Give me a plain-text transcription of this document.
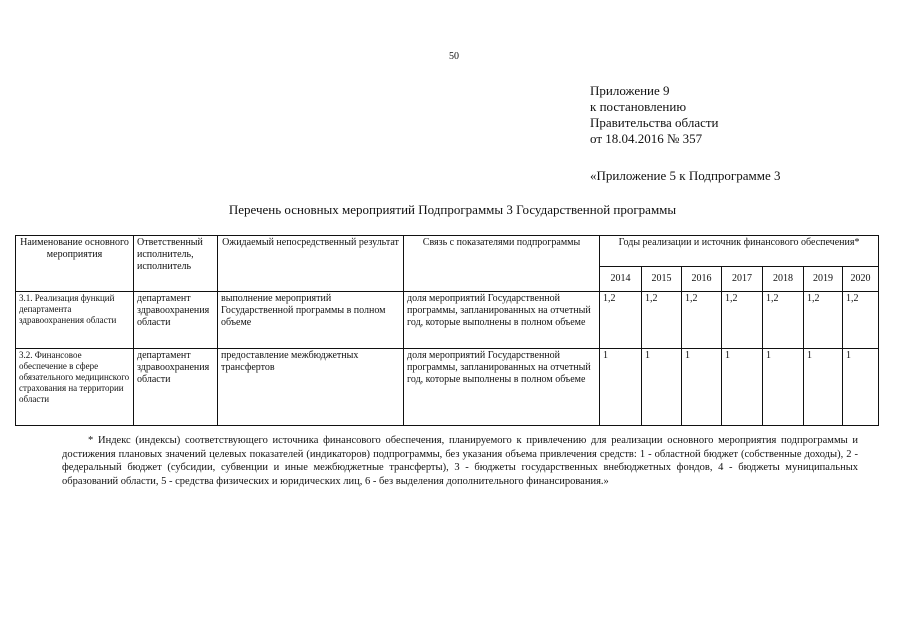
50
Приложение 9
к постановлению
Правительства области
от 18.04.2016 № 357
«Приложение 5 к Подпрограмме 3
Перечень основных мероприятий Подпрограммы 3 Государственной программы
Наименование основного мероприятия	Ответственный исполнитель, исполнитель	Ожидаемый непосредственный результат	Связь с показателями подпрограммы	Годы реализации и источник финансового обеспечения*						
				2014	2015	2016	2017	2018	2019	2020
3.1. Реализация функций департамента здравоохранения области	департамент здравоохранения области	выполнение мероприятий Государственной программы в полном объеме	доля мероприятий Государственной программы, запланированных на отчетный год, которые выполнены в полном объеме	1,2	1,2	1,2	1,2	1,2	1,2	1,2
3.2. Финансовое обеспечение в сфере обязательного медицинского страхования на территории области	департамент здравоохранения области	предоставление межбюджетных трансфертов	доля мероприятий Государственной программы, запланированных на отчетный год, которые выполнены в полном объеме	1	1	1	1	1	1	1
* Индекс (индексы) соответствующего источника финансового обеспечения, планируемого к привлечению для реализации основного мероприятия подпрограммы и достижения плановых значений целевых показателей (индикаторов) подпрограммы, без указания объема привлечения средств: 1 - областной бюджет (собственные доходы), 2 - федеральный бюджет (субсидии, субвенции и иные межбюджетные трансферты), 3 - бюджеты государственных внебюджетных фондов, 4 - бюджеты муниципальных образований области, 5 - средства физических и юридических лиц, 6 - без выделения дополнительного финансирования.»
